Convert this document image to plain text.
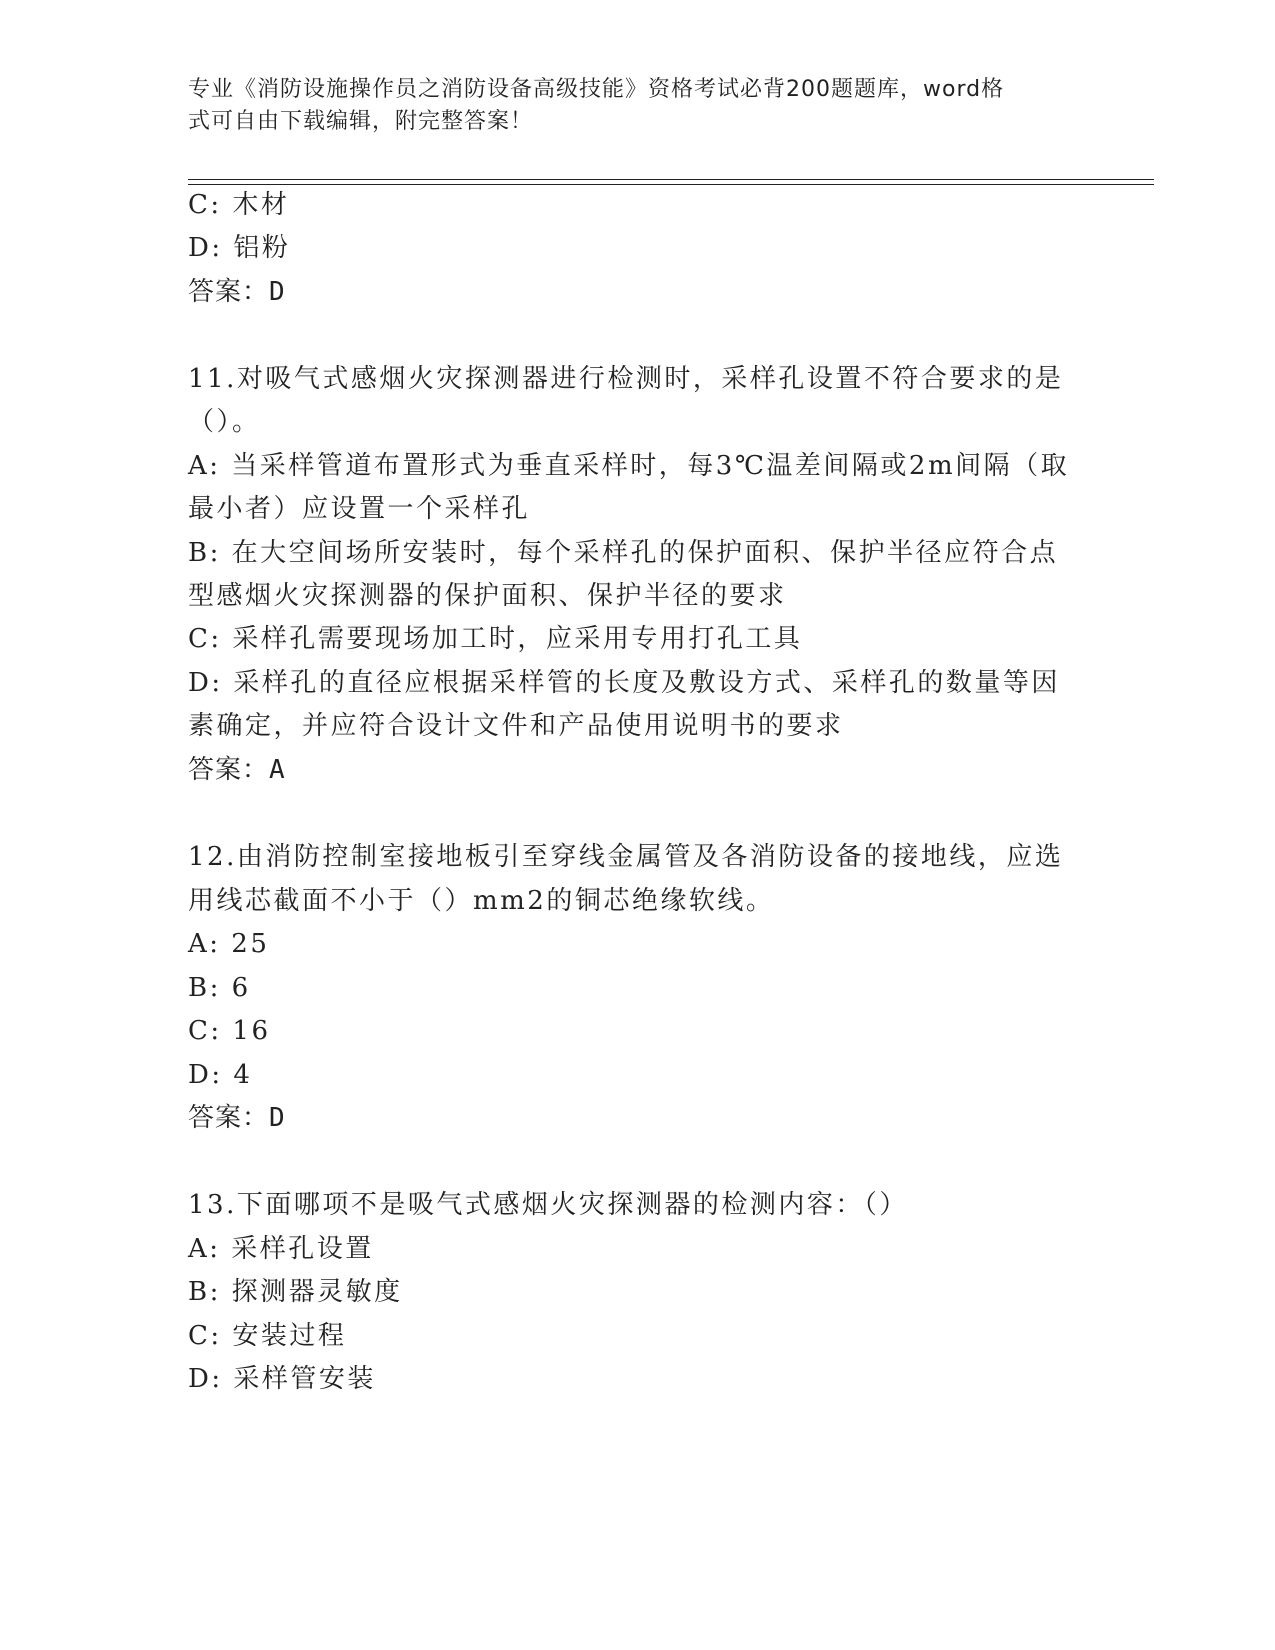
专业《消防设施操作员之消防设备高级技能》资格考试必背200题题库，word格
式可自由下载编辑，附完整答案！
C: 木材
D: 铝粉
答案：D
11.对吸气式感烟火灾探测器进行检测时，采样孔设置不符合要求的是
（）。
A: 当采样管道布置形式为垂直采样时，每3℃温差间隔或2m间隔（取
最小者）应设置一个采样孔
B: 在大空间场所安装时，每个采样孔的保护面积、保护半径应符合点
型感烟火灾探测器的保护面积、保护半径的要求
C: 采样孔需要现场加工时，应采用专用打孔工具
D: 采样孔的直径应根据采样管的长度及敷设方式、采样孔的数量等因
素确定，并应符合设计文件和产品使用说明书的要求
答案：A
12.由消防控制室接地板引至穿线金属管及各消防设备的接地线，应选
用线芯截面不小于（）mm2的铜芯绝缘软线。
A: 25
B: 6
C: 16
D: 4
答案：D
13.下面哪项不是吸气式感烟火灾探测器的检测内容：（）
A: 采样孔设置
B: 探测器灵敏度
C: 安装过程
D: 采样管安装
